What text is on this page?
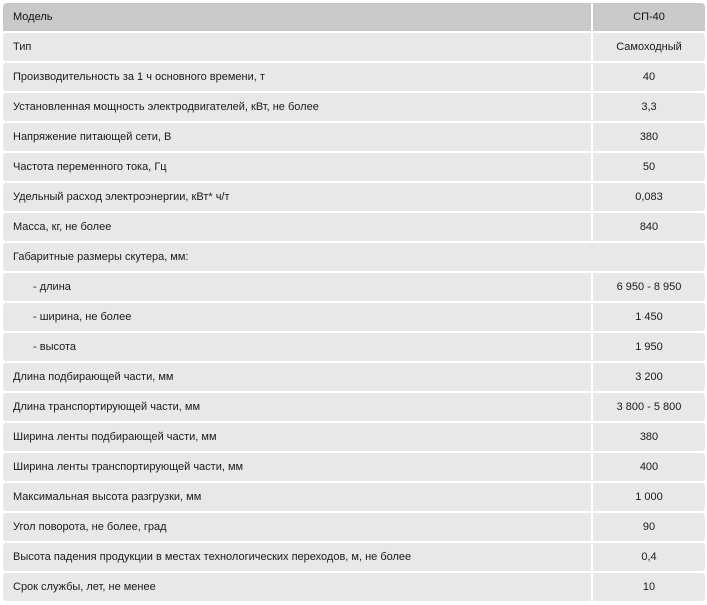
Модель	СП-40
Тип	Самоходный
Производительность за 1 ч основного времени, т	40
Установленная мощность электродвигателей, кВт, не более	3,3
Напряжение питающей сети, В	380
Частота переменного тока, Гц	50
Удельный расход электроэнергии, кВт* ч/т	0,083
Масса, кг, не более	840
Габаритные размеры скутера, мм:
- длина	6 950 - 8 950
- ширина, не более	1 450
- высота	1 950
Длина подбирающей части, мм	3 200
Длина транспортирующей части, мм	3 800 - 5 800
Ширина ленты подбирающей части, мм	380
Ширина ленты транспортирующей части, мм	400
Максимальная высота разгрузки, мм	1 000
Угол поворота, не более, град	90
Высота падения продукции в местах технологических переходов, м, не более	0,4
Срок службы, лет, не менее	10
